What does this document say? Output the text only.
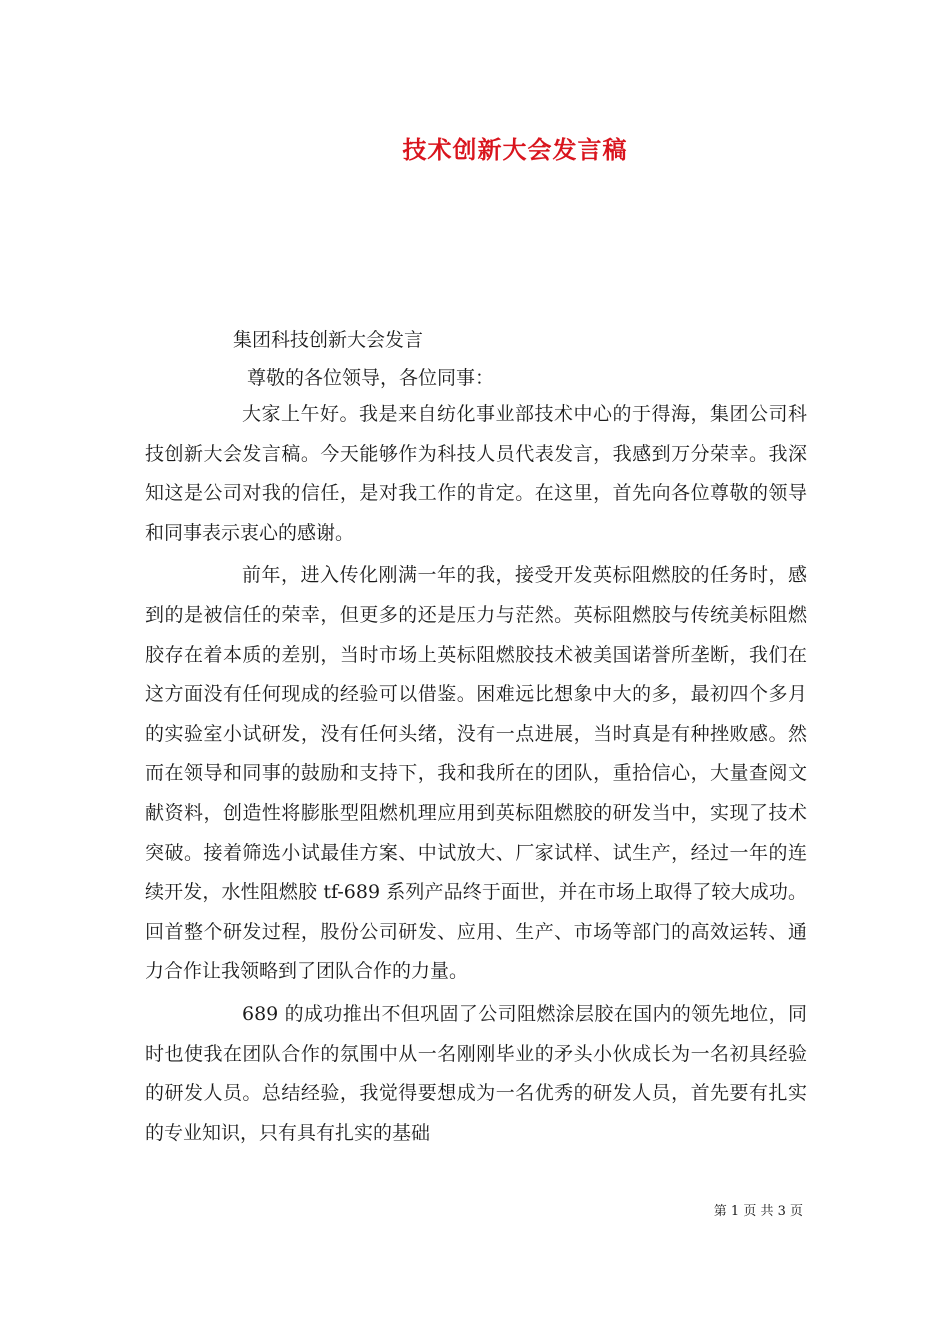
技术创新大会发言稿
集团科技创新大会发言
尊敬的各位领导，各位同事：

大家上午好。我是来自纺化事业部技术中心的于得海，集团公司科技创新大会发言稿。今天能够作为科技人员代表发言，我感到万分荣幸。我深知这是公司对我的信任，是对我工作的肯定。在这里，首先向各位尊敬的领导和同事表示衷心的感谢。

前年，进入传化刚满一年的我，接受开发英标阻燃胶的任务时，感到的是被信任的荣幸，但更多的还是压力与茫然。英标阻燃胶与传统美标阻燃胶存在着本质的差别，当时市场上英标阻燃胶技术被美国诺誉所垄断，我们在这方面没有任何现成的经验可以借鉴。困难远比想象中大的多，最初四个多月的实验室小试研发，没有任何头绪，没有一点进展，当时真是有种挫败感。然而在领导和同事的鼓励和支持下，我和我所在的团队，重拾信心，大量查阅文献资料，创造性将膨胀型阻燃机理应用到英标阻燃胶的研发当中，实现了技术突破。接着筛选小试最佳方案、中试放大、厂家试样、试生产，经过一年的连续开发，水性阻燃胶 tf-689 系列产品终于面世，并在市场上取得了较大成功。回首整个研发过程，股份公司研发、应用、生产、市场等部门的高效运转、通力合作让我领略到了团队合作的力量。

689 的成功推出不但巩固了公司阻燃涂层胶在国内的领先地位，同时也使我在团队合作的氛围中从一名刚刚毕业的矛头小伙成长为一名初具经验的研发人员。总结经验，我觉得要想成为一名优秀的研发人员，首先要有扎实的专业知识，只有具有扎实的基础

第 1 页 共 3 页
